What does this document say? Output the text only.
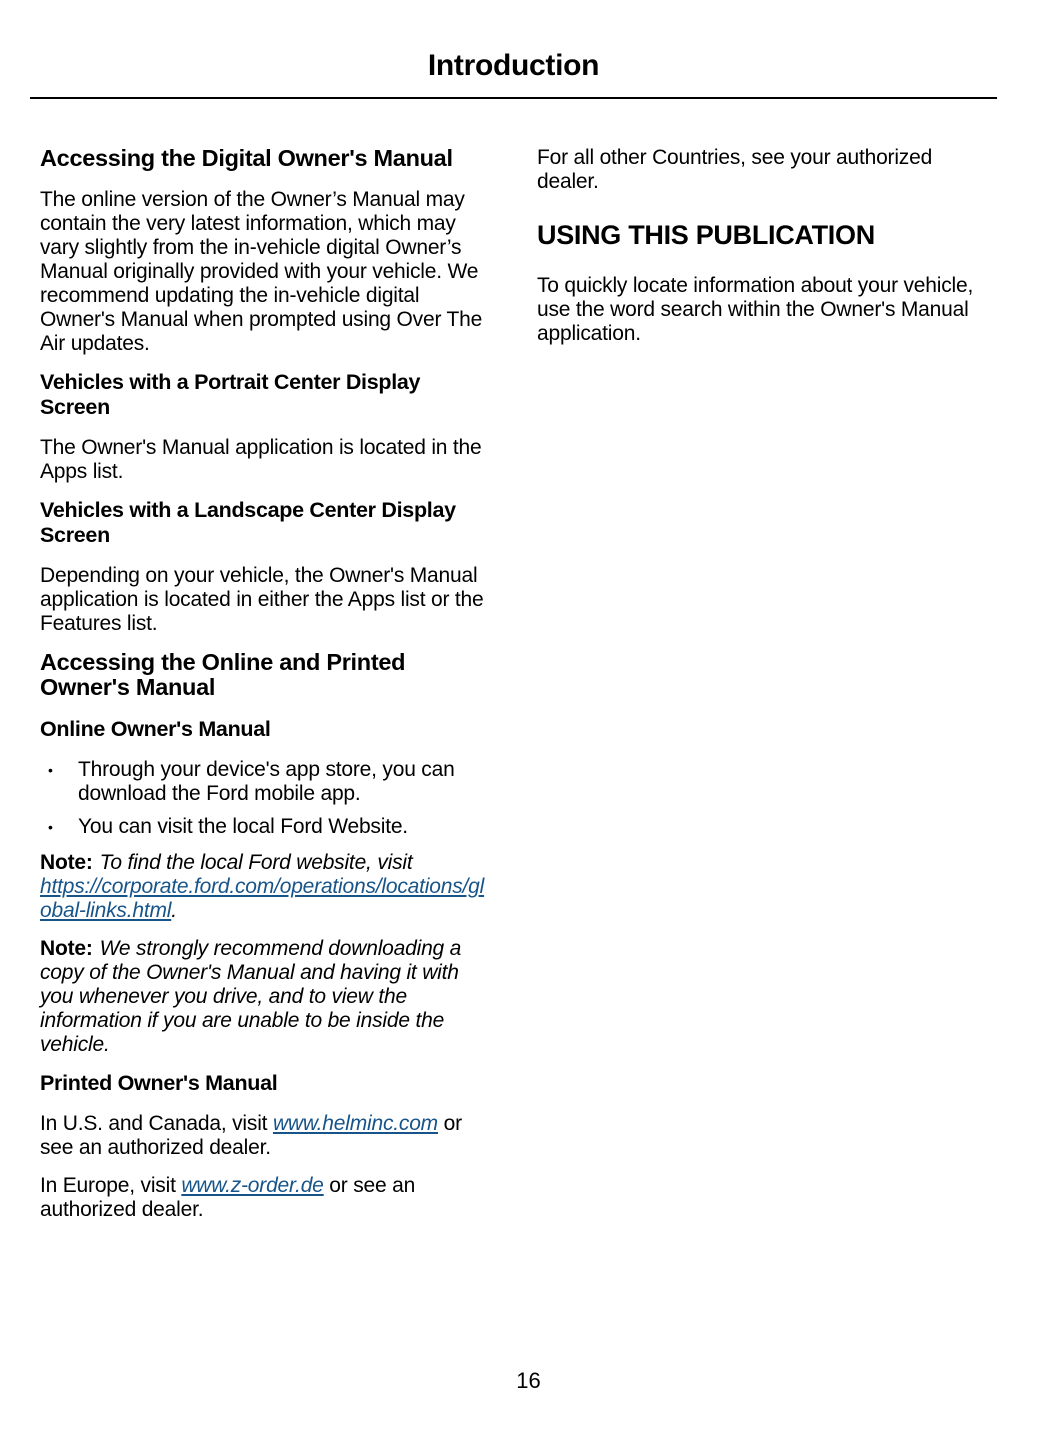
Introduction
Accessing the Digital Owner's Manual

The online version of the Owner’s Manual may contain the very latest information, which may vary slightly from the in-vehicle digital Owner’s Manual originally provided with your vehicle. We recommend updating the in-vehicle digital Owner's Manual when prompted using Over The Air updates.

Vehicles with a Portrait Center Display Screen

The Owner's Manual application is located in the Apps list.

Vehicles with a Landscape Center Display Screen

Depending on your vehicle, the Owner's Manual application is located in either the Apps list or the Features list.

Accessing the Online and Printed Owner's Manual
Online Owner's Manual
• Through your device's app store, you can download the Ford mobile app.
• You can visit the local Ford Website.

Note: To find the local Ford website, visit https://corporate.ford.com/operations/locations/global-links.html.

Note: We strongly recommend downloading a copy of the Owner's Manual and having it with you whenever you drive, and to view the information if you are unable to be inside the vehicle.

Printed Owner's Manual

In U.S. and Canada, visit www.helminc.com or see an authorized dealer.

In Europe, visit www.z-order.de or see an authorized dealer.

For all other Countries, see your authorized dealer.

USING THIS PUBLICATION

To quickly locate information about your vehicle, use the word search within the Owner's Manual application.

16
